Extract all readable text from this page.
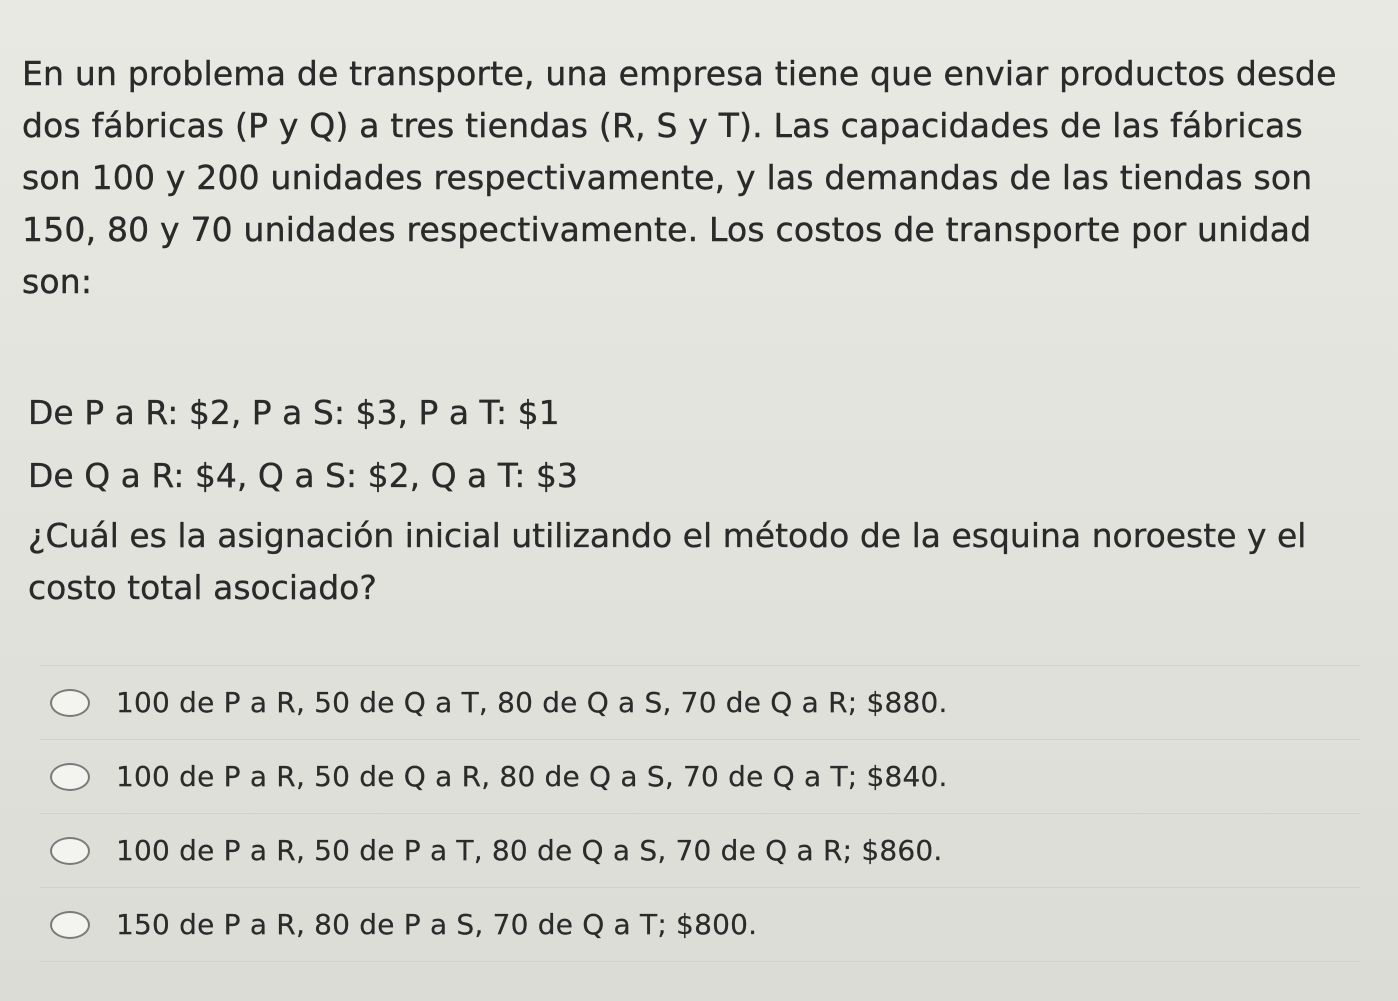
En un problema de transporte, una empresa tiene que enviar productos desde dos fábricas (P y Q) a tres tiendas (R, S y T). Las capacidades de las fábricas son 100 y 200 unidades respectivamente, y las demandas de las tiendas son 150, 80 y 70 unidades respectivamente. Los costos de transporte por unidad son:

De P a R: $2, P a S: $3, P a T: $1

De Q a R: $4, Q a S: $2, Q a T: $3

¿Cuál es la asignación inicial utilizando el método de la esquina noroeste y el costo total asociado?

100 de P a R, 50 de Q a T, 80 de Q a S, 70 de Q a R; $880.
100 de P a R, 50 de Q a R, 80 de Q a S, 70 de Q a T; $840.
100 de P a R, 50 de P a T, 80 de Q a S, 70 de Q a R; $860.
150 de P a R, 80 de P a S, 70 de Q a T; $800.
